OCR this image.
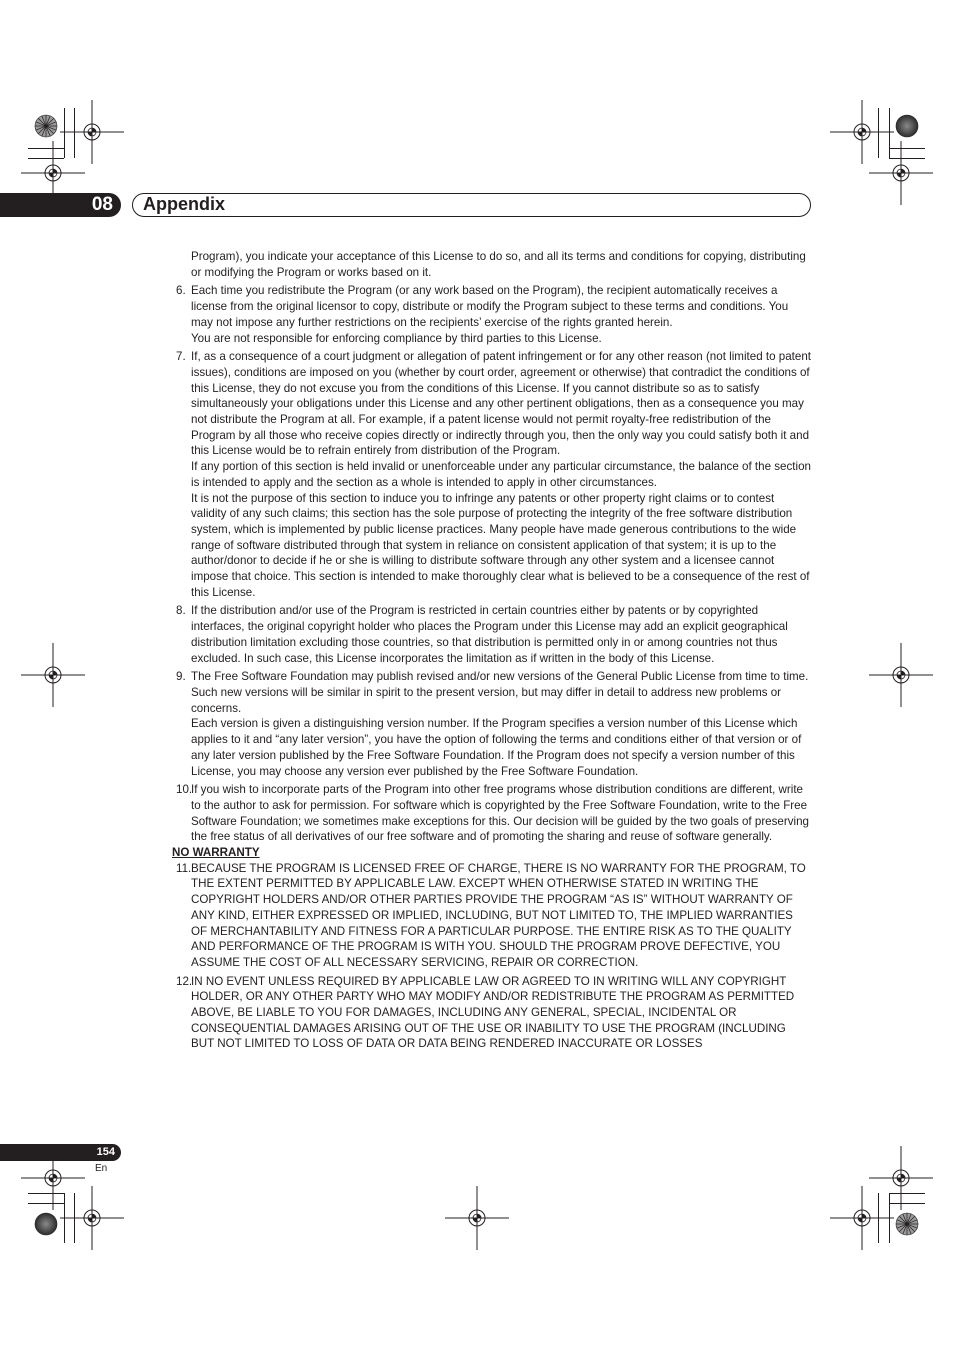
08 Appendix

Program), you indicate your acceptance of this License to do so, and all its terms and conditions for copying, distributing or modifying the Program or works based on it.

6. Each time you redistribute the Program (or any work based on the Program), the recipient automatically receives a license from the original licensor to copy, distribute or modify the Program subject to these terms and conditions. You may not impose any further restrictions on the recipients’ exercise of the rights granted herein.

You are not responsible for enforcing compliance by third parties to this License.

7. If, as a consequence of a court judgment or allegation of patent infringement or for any other reason (not limited to patent issues), conditions are imposed on you (whether by court order, agreement or otherwise) that contradict the conditions of this License, they do not excuse you from the conditions of this License. If you cannot distribute so as to satisfy simultaneously your obligations under this License and any other pertinent obligations, then as a consequence you may not distribute the Program at all. For example, if a patent license would not permit royalty-free redistribution of the Program by all those who receive copies directly or indirectly through you, then the only way you could satisfy both it and this License would be to refrain entirely from distribution of the Program.

If any portion of this section is held invalid or unenforceable under any particular circumstance, the balance of the section is intended to apply and the section as a whole is intended to apply in other circumstances.

It is not the purpose of this section to induce you to infringe any patents or other property right claims or to contest validity of any such claims; this section has the sole purpose of protecting the integrity of the free software distribution system, which is implemented by public license practices. Many people have made generous contributions to the wide range of software distributed through that system in reliance on consistent application of that system; it is up to the author/donor to decide if he or she is willing to distribute software through any other system and a licensee cannot impose that choice. This section is intended to make thoroughly clear what is believed to be a consequence of the rest of this License.

8. If the distribution and/or use of the Program is restricted in certain countries either by patents or by copyrighted interfaces, the original copyright holder who places the Program under this License may add an explicit geographical distribution limitation excluding those countries, so that distribution is permitted only in or among countries not thus excluded. In such case, this License incorporates the limitation as if written in the body of this License.

9. The Free Software Foundation may publish revised and/or new versions of the General Public License from time to time. Such new versions will be similar in spirit to the present version, but may differ in detail to address new problems or concerns.

Each version is given a distinguishing version number. If the Program specifies a version number of this License which applies to it and “any later version”, you have the option of following the terms and conditions either of that version or of any later version published by the Free Software Foundation. If the Program does not specify a version number of this License, you may choose any version ever published by the Free Software Foundation.

10.

If you wish to incorporate parts of the Program into other free programs whose distribution conditions are different, write to the author to ask for permission. For software which is copyrighted by the Free Software Foundation, write to the Free Software Foundation; we sometimes make exceptions for this. Our decision will be guided by the two goals of preserving the free status of all derivatives of our free software and of promoting the sharing and reuse of software generally.

NO WARRANTY

11. BECAUSE THE PROGRAM IS LICENSED FREE OF CHARGE, THERE IS NO WARRANTY FOR THE PROGRAM, TO THE EXTENT PERMITTED BY APPLICABLE LAW. EXCEPT WHEN OTHERWISE STATED IN WRITING THE COPYRIGHT HOLDERS AND/OR OTHER PARTIES PROVIDE THE PROGRAM “AS IS” WITHOUT WARRANTY OF ANY KIND, EITHER EXPRESSED OR IMPLIED, INCLUDING, BUT NOT LIMITED TO, THE IMPLIED WARRANTIES OF MERCHANTABILITY AND FITNESS FOR A PARTICULAR PURPOSE. THE ENTIRE RISK AS TO THE QUALITY AND PERFORMANCE OF THE PROGRAM IS WITH YOU. SHOULD THE PROGRAM PROVE DEFECTIVE, YOU ASSUME THE COST OF ALL NECESSARY SERVICING, REPAIR OR CORRECTION.

12.

IN NO EVENT UNLESS REQUIRED BY APPLICABLE LAW OR AGREED TO IN WRITING WILL ANY COPYRIGHT HOLDER, OR ANY OTHER PARTY WHO MAY MODIFY AND/OR REDISTRIBUTE THE PROGRAM AS PERMITTED ABOVE, BE LIABLE TO YOU FOR DAMAGES, INCLUDING ANY GENERAL, SPECIAL, INCIDENTAL OR CONSEQUENTIAL DAMAGES ARISING OUT OF THE USE OR INABILITY TO USE THE PROGRAM (INCLUDING BUT NOT LIMITED TO LOSS OF DATA OR DATA BEING RENDERED INACCURATE OR LOSSES

154
En
